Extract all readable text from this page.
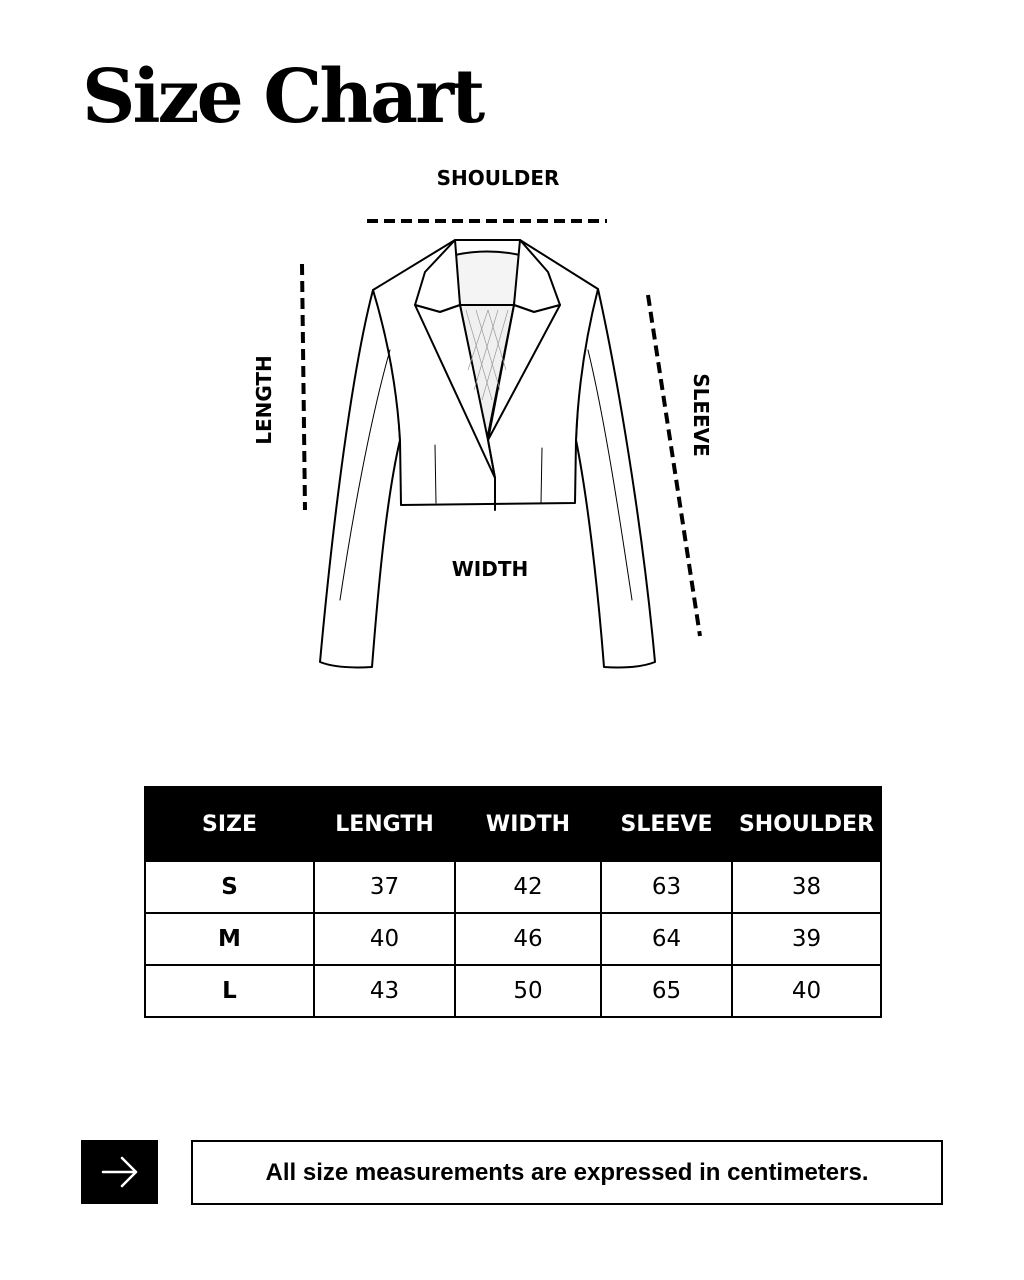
Size Chart
SHOULDER
WIDTH
LENGTH	SLEEVE
SIZE	LENGTH	WIDTH	SLEEVE	SHOULDER
S	37	42	63	38
M	40	46	64	39
L	43	50	65	40
All size measurements are expressed in centimeters.
